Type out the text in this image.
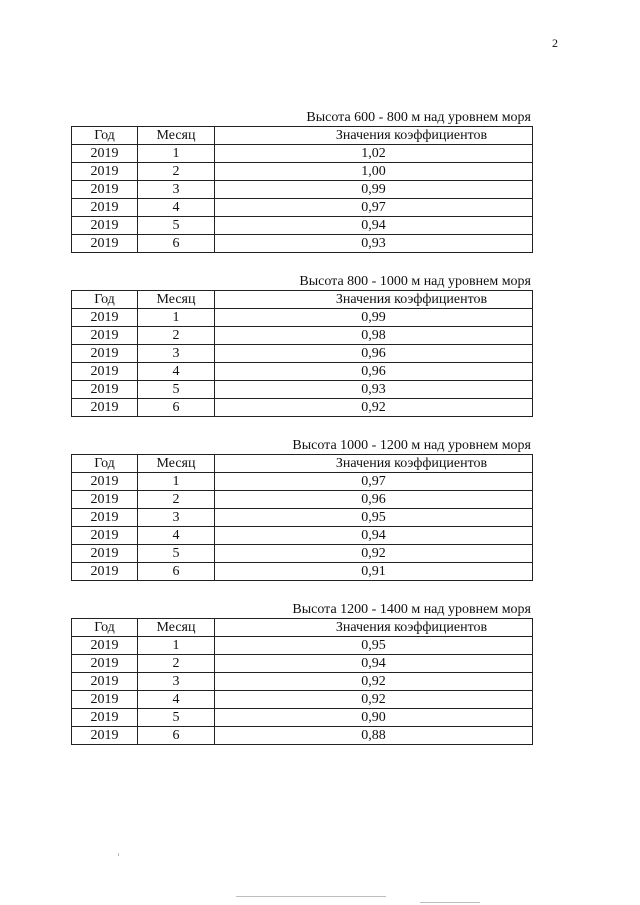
2
Высота 600 - 800 м над уровнем моря
Год	Месяц	Значения коэффициентов
2019	1	1,02
2019	2	1,00
2019	3	0,99
2019	4	0,97
2019	5	0,94
2019	6	0,93
Высота 800 - 1000 м над уровнем моря
Год	Месяц	Значения коэффициентов
2019	1	0,99
2019	2	0,98
2019	3	0,96
2019	4	0,96
2019	5	0,93
2019	6	0,92
Высота 1000 - 1200 м над уровнем моря
Год	Месяц	Значения коэффициентов
2019	1	0,97
2019	2	0,96
2019	3	0,95
2019	4	0,94
2019	5	0,92
2019	6	0,91
Высота 1200 - 1400 м над уровнем моря
Год	Месяц	Значения коэффициентов
2019	1	0,95
2019	2	0,94
2019	3	0,92
2019	4	0,92
2019	5	0,90
2019	6	0,88
